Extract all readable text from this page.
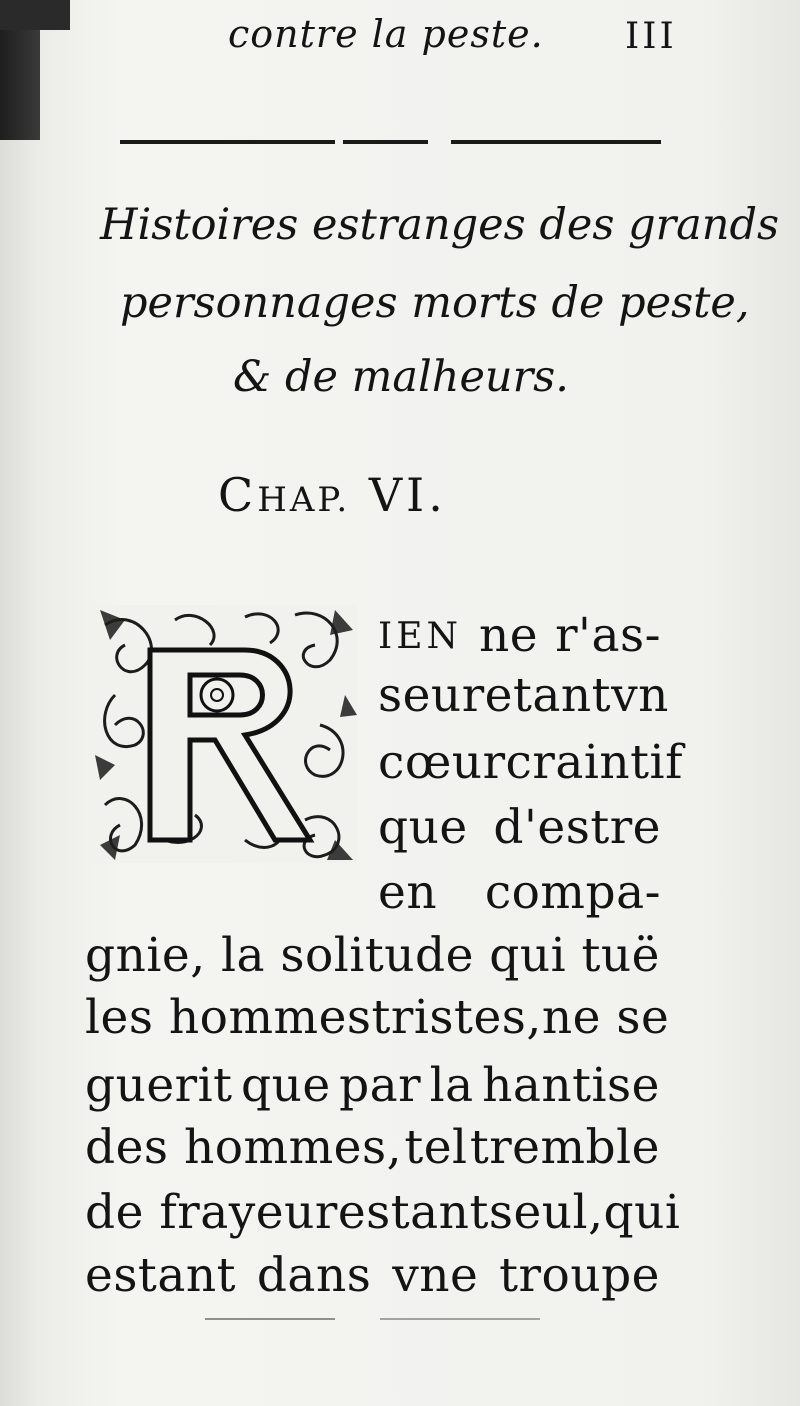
contre la peste. III
Histoires estranges des grands
personnages morts de peste,
& de malheurs.
CHAP. VI.
IEN ne r'as-
seure tant vn
cœur craintif
que d'estre
en compa-
gnie, la solitude qui tuë
les hommes tristes, ne se
guerit que par la hantise
des hommes, tel tremble
de frayeur estant seul, qui
estant dans vne troupe
